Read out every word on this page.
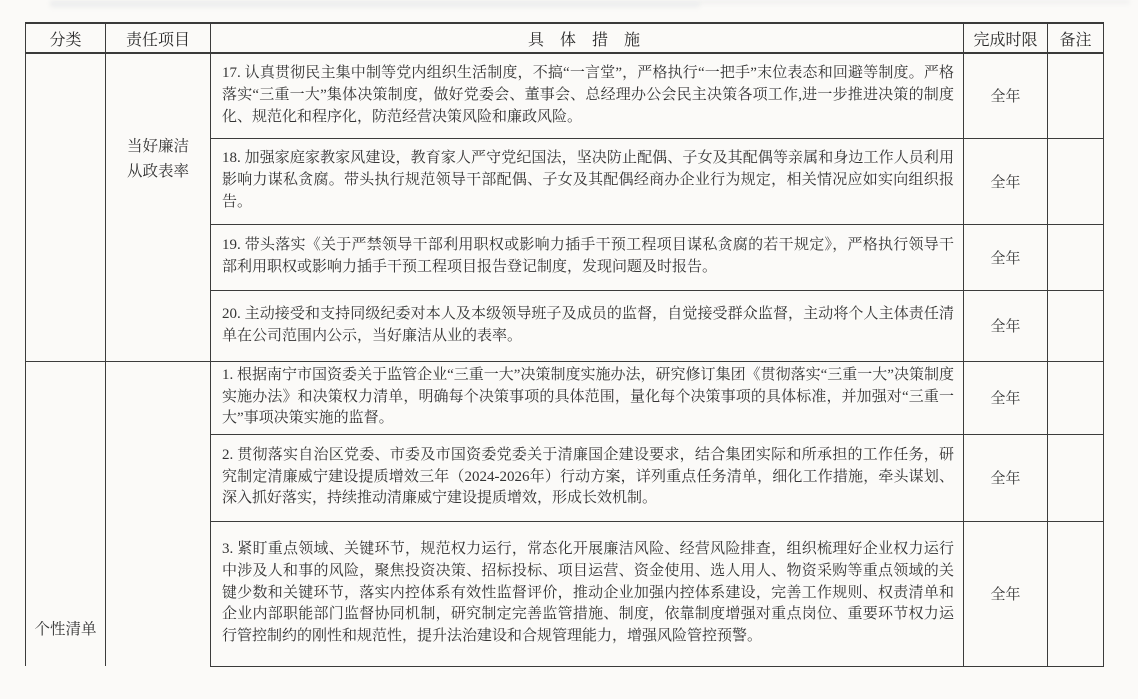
分类	责任项目	具 体 措 施	完成时限	备注
	当好廉洁从政表率	17. 认真贯彻民主集中制等党内组织生活制度，不搞“一言堂”，严格执行“一把手”末位表态和回避等制度。严格落实“三重一大”集体决策制度，做好党委会、董事会、总经理办公会民主决策各项工作,进一步推进决策的制度化、规范化和程序化，防范经营决策风险和廉政风险。	全年	
		18. 加强家庭家教家风建设，教育家人严守党纪国法，坚决防止配偶、子女及其配偶等亲属和身边工作人员利用影响力谋私贪腐。带头执行规范领导干部配偶、子女及其配偶经商办企业行为规定，相关情况应如实向组织报告。	全年	
		19. 带头落实《关于严禁领导干部利用职权或影响力插手干预工程项目谋私贪腐的若干规定》，严格执行领导干部利用职权或影响力插手干预工程项目报告登记制度，发现问题及时报告。	全年	
		20. 主动接受和支持同级纪委对本人及本级领导班子及成员的监督，自觉接受群众监督，主动将个人主体责任清单在公司范围内公示，当好廉洁从业的表率。	全年	
个性清单		1. 根据南宁市国资委关于监管企业“三重一大”决策制度实施办法，研究修订集团《贯彻落实“三重一大”决策制度实施办法》和决策权力清单，明确每个决策事项的具体范围，量化每个决策事项的具体标准，并加强对“三重一大”事项决策实施的监督。	全年	
		2. 贯彻落实自治区党委、市委及市国资委党委关于清廉国企建设要求，结合集团实际和所承担的工作任务，研究制定清廉威宁建设提质增效三年（2024-2026年）行动方案，详列重点任务清单，细化工作措施，牵头谋划、深入抓好落实，持续推动清廉威宁建设提质增效，形成长效机制。	全年	
		3. 紧盯重点领域、关键环节，规范权力运行，常态化开展廉洁风险、经营风险排查，组织梳理好企业权力运行中涉及人和事的风险，聚焦投资决策、招标投标、项目运营、资金使用、选人用人、物资采购等重点领域的关键少数和关键环节，落实内控体系有效性监督评价，推动企业加强内控体系建设，完善工作规则、权责清单和企业内部职能部门监督协同机制，研究制定完善监管措施、制度，依靠制度增强对重点岗位、重要环节权力运行管控制约的刚性和规范性，提升法治建设和合规管理能力，增强风险管控预警。	全年	
